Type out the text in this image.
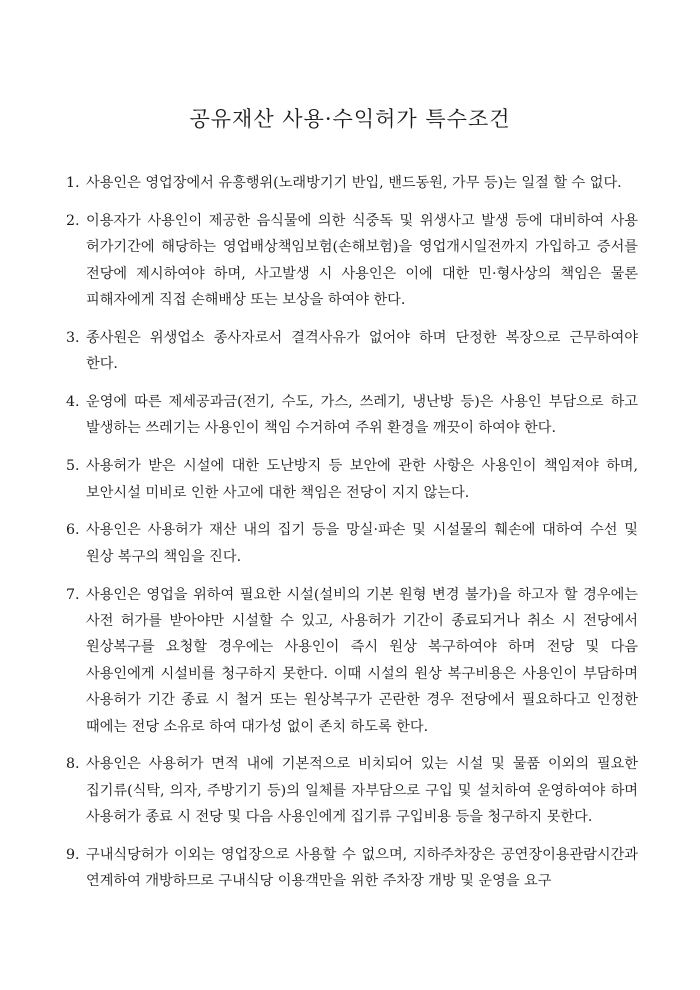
공유재산 사용·수익허가 특수조건
1. 사용인은 영업장에서 유흥행위(노래방기기 반입, 밴드동원, 가무 등)는 일절 할 수 없다.
2. 이용자가 사용인이 제공한 음식물에 의한 식중독 및 위생사고 발생 등에 대비하여 사용 허가기간에 해당하는 영업배상책임보험(손해보험)을 영업개시일전까지 가입하고 증서를 전당에 제시하여야 하며, 사고발생 시 사용인은 이에 대한 민·형사상의 책임은 물론 피해자에게 직접 손해배상 또는 보상을 하여야 한다.
3. 종사원은 위생업소 종사자로서 결격사유가 없어야 하며 단정한 복장으로 근무하여야 한다.
4. 운영에 따른 제세공과금(전기, 수도, 가스, 쓰레기, 냉난방 등)은 사용인 부담으로 하고 발생하는 쓰레기는 사용인이 책임 수거하여 주위 환경을 깨끗이 하여야 한다.
5. 사용허가 받은 시설에 대한 도난방지 등 보안에 관한 사항은 사용인이 책임져야 하며, 보안시설 미비로 인한 사고에 대한 책임은 전당이 지지 않는다.
6. 사용인은 사용허가 재산 내의 집기 등을 망실·파손 및 시설물의 훼손에 대하여 수선 및 원상 복구의 책임을 진다.
7. 사용인은 영업을 위하여 필요한 시설(설비의 기본 원형 변경 불가)을 하고자 할 경우에는 사전 허가를 받아야만 시설할 수 있고, 사용허가 기간이 종료되거나 취소 시 전당에서 원상복구를 요청할 경우에는 사용인이 즉시 원상 복구하여야 하며 전당 및 다음 사용인에게 시설비를 청구하지 못한다. 이때 시설의 원상 복구비용은 사용인이 부담하며 사용허가 기간 종료 시 철거 또는 원상복구가 곤란한 경우 전당에서 필요하다고 인정한 때에는 전당 소유로 하여 대가성 없이 존치 하도록 한다.
8. 사용인은 사용허가 면적 내에 기본적으로 비치되어 있는 시설 및 물품 이외의 필요한 집기류(식탁, 의자, 주방기기 등)의 일체를 자부담으로 구입 및 설치하여 운영하여야 하며 사용허가 종료 시 전당 및 다음 사용인에게 집기류 구입비용 등을 청구하지 못한다.
9. 구내식당허가 이외는 영업장으로 사용할 수 없으며, 지하주차장은 공연장이용관람시간과 연계하여 개방하므로 구내식당 이용객만을 위한 주차장 개방 및 운영을 요구
